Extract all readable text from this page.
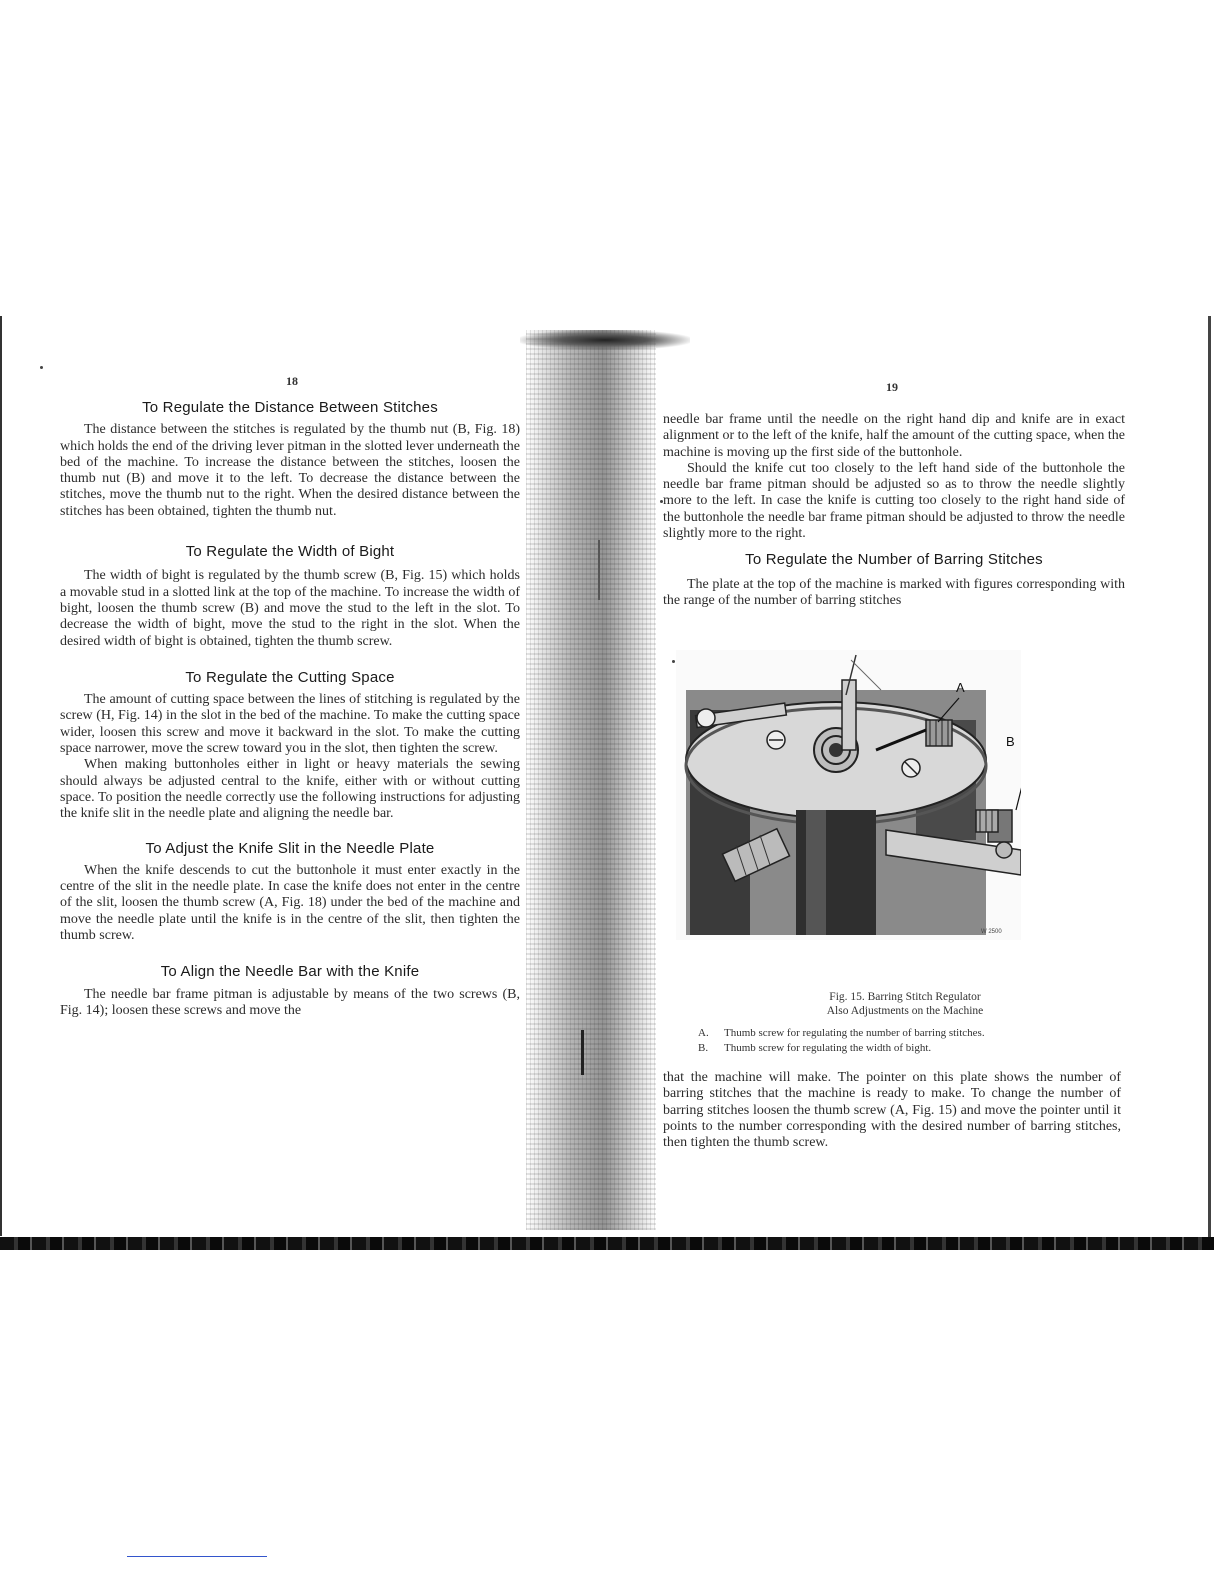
18
To Regulate the Distance Between Stitches

The distance between the stitches is regulated by the thumb nut (B, Fig. 18) which holds the end of the driving lever pitman in the slotted lever underneath the bed of the machine. To increase the distance between the stitches, loosen the thumb nut (B) and move it to the left. To decrease the distance between the stitches, move the thumb nut to the right. When the desired distance between the stitches has been obtained, tighten the thumb nut.

To Regulate the Width of Bight

The width of bight is regulated by the thumb screw (B, Fig. 15) which holds a movable stud in a slotted link at the top of the machine. To increase the width of bight, loosen the thumb screw (B) and move the stud to the left in the slot. To decrease the width of bight, move the stud to the right in the slot. When the desired width of bight is obtained, tighten the thumb screw.

To Regulate the Cutting Space

The amount of cutting space between the lines of stitching is regulated by the screw (H, Fig. 14) in the slot in the bed of the machine. To make the cutting space wider, loosen this screw and move it backward in the slot. To make the cutting space narrower, move the screw toward you in the slot, then tighten the screw.

When making buttonholes either in light or heavy materials the sewing should always be adjusted central to the knife, either with or without cutting space. To position the needle correctly use the following instructions for adjusting the knife slit in the needle plate and aligning the needle bar.

To Adjust the Knife Slit in the Needle Plate

When the knife descends to cut the buttonhole it must enter exactly in the centre of the slit in the needle plate. In case the knife does not enter in the centre of the slit, loosen the thumb screw (A, Fig. 18) under the bed of the machine and move the needle plate until the knife is in the centre of the slit, then tighten the thumb screw.

To Align the Needle Bar with the Knife

The needle bar frame pitman is adjustable by means of the two screws (B, Fig. 14); loosen these screws and move the

19

needle bar frame until the needle on the right hand dip and knife are in exact alignment or to the left of the knife, half the amount of the cutting space, when the machine is moving up the first side of the buttonhole.

Should the knife cut too closely to the left hand side of the buttonhole the needle bar frame pitman should be adjusted so as to throw the needle slightly more to the left. In case the knife is cutting too closely to the right hand side of the buttonhole the needle bar frame pitman should be adjusted to throw the needle slightly more to the right.

To Regulate the Number of Barring Stitches

The plate at the top of the machine is marked with figures corresponding with the range of the number of barring stitches

A
B
W 2500
Fig. 15. Barring Stitch Regulator
Also Adjustments on the Machine
A. Thumb screw for regulating the number of barring stitches.
B. Thumb screw for regulating the width of bight.

that the machine will make. The pointer on this plate shows the number of barring stitches that the machine is ready to make. To change the number of barring stitches loosen the thumb screw (A, Fig. 15) and move the pointer until it points to the number corresponding with the desired number of barring stitches, then tighten the thumb screw.
